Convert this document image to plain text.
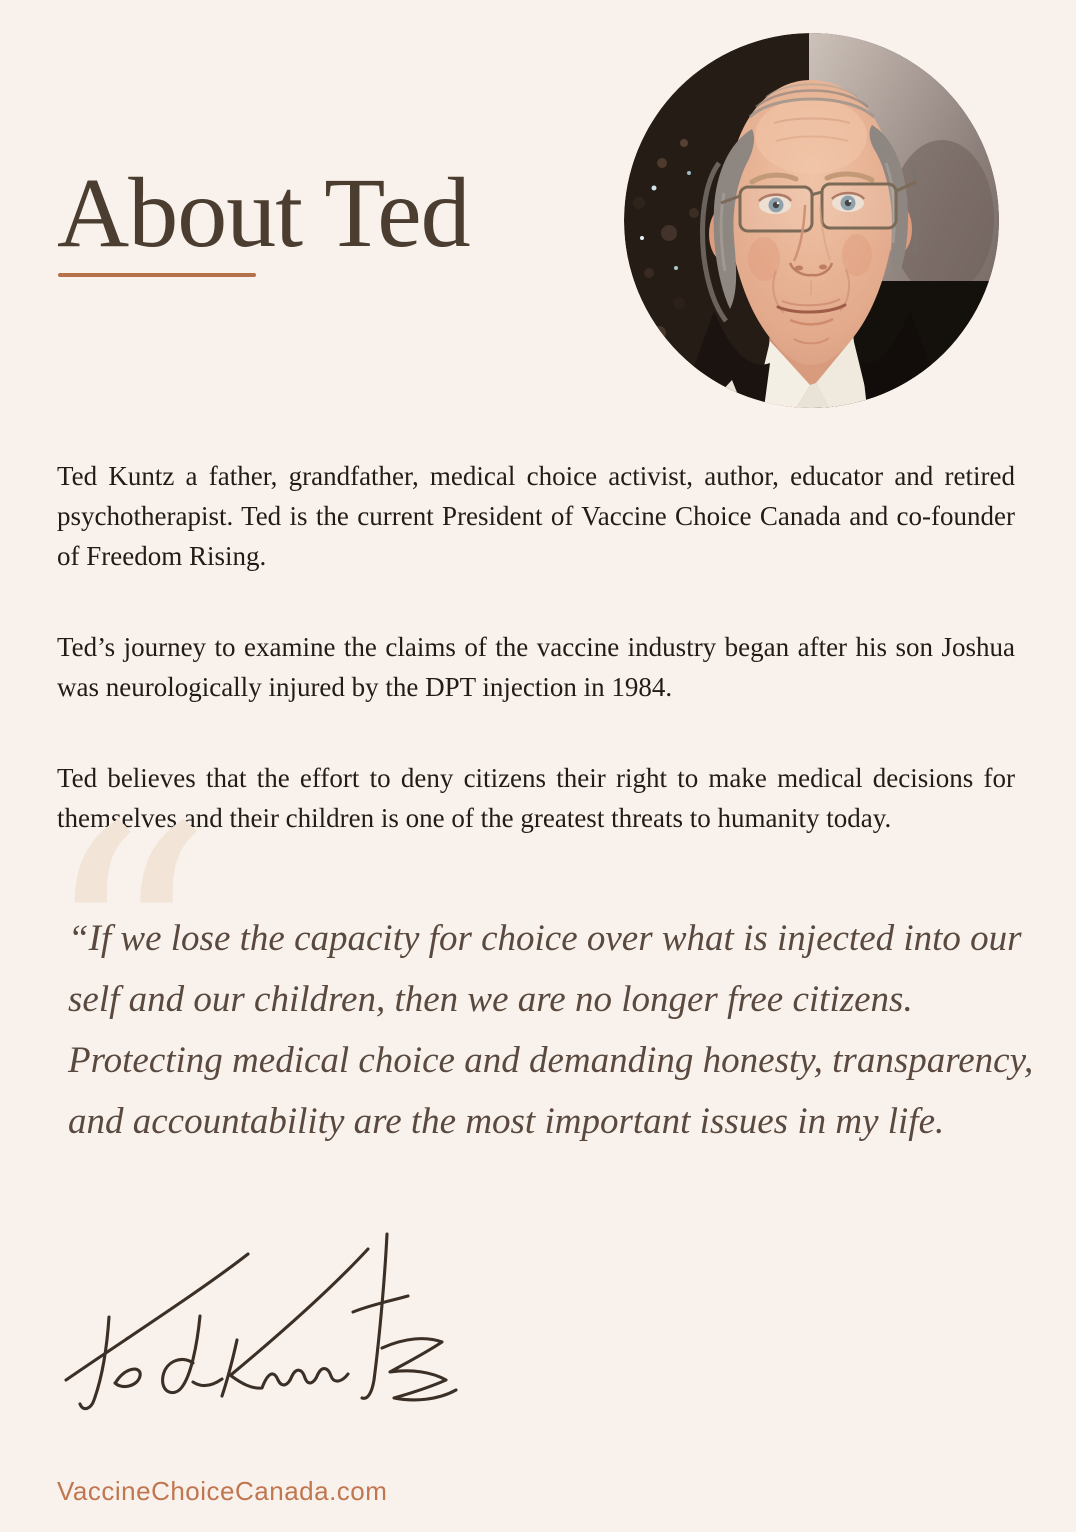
About Ted
Ted Kuntz a father, grandfather, medical choice activist, author, educator and retired psychotherapist. Ted is the current President of Vaccine Choice Canada and co-founder of Freedom Rising.
Ted’s journey to examine the claims of the vaccine industry began after his son Joshua was neurologically injured by the DPT injection in 1984.
Ted believes that the effort to deny citizens their right to make medical decisions for themselves and their children is one of the greatest threats to humanity today.
“
“If we lose the capacity for choice over what is injected into our
self and our children, then we are no longer free citizens.
Protecting medical choice and demanding honesty, transparency,
and accountability are the most important issues in my life.
VaccineChoiceCanada.com
